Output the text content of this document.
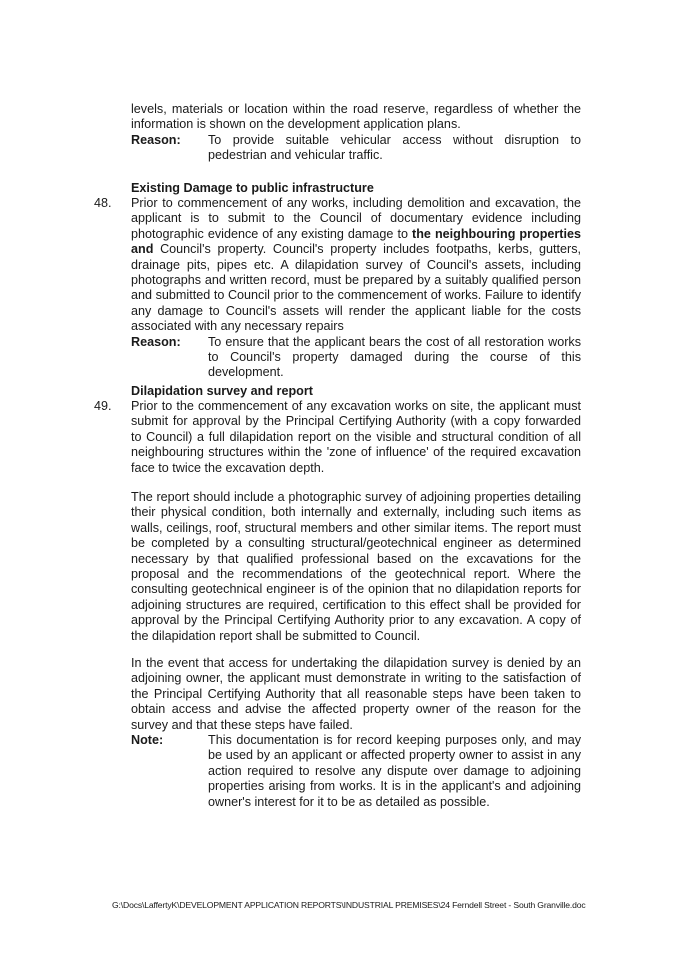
levels, materials or location within the road reserve, regardless of whether the information is shown on the development application plans.

Reason:	To provide suitable vehicular access without disruption to pedestrian and vehicular traffic.
Existing Damage to public infrastructure
48. Prior to commencement of any works, including demolition and excavation, the applicant is to submit to the Council of documentary evidence including photographic evidence of any existing damage to the neighbouring properties and Council's property. Council's property includes footpaths, kerbs, gutters, drainage pits, pipes etc. A dilapidation survey of Council's assets, including photographs and written record, must be prepared by a suitably qualified person and submitted to Council prior to the commencement of works. Failure to identify any damage to Council's assets will render the applicant liable for the costs associated with any necessary repairs

Reason:	To ensure that the applicant bears the cost of all restoration works to Council's property damaged during the course of this development.
Dilapidation survey and report
49. Prior to the commencement of any excavation works on site, the applicant must submit for approval by the Principal Certifying Authority (with a copy forwarded to Council) a full dilapidation report on the visible and structural condition of all neighbouring structures within the 'zone of influence' of the required excavation face to twice the excavation depth.

The report should include a photographic survey of adjoining properties detailing their physical condition, both internally and externally, including such items as walls, ceilings, roof, structural members and other similar items. The report must be completed by a consulting structural/geotechnical engineer as determined necessary by that qualified professional based on the excavations for the proposal and the recommendations of the geotechnical report. Where the consulting geotechnical engineer is of the opinion that no dilapidation reports for adjoining structures are required, certification to this effect shall be provided for approval by the Principal Certifying Authority prior to any excavation. A copy of the dilapidation report shall be submitted to Council.

In the event that access for undertaking the dilapidation survey is denied by an adjoining owner, the applicant must demonstrate in writing to the satisfaction of the Principal Certifying Authority that all reasonable steps have been taken to obtain access and advise the affected property owner of the reason for the survey and that these steps have failed.

Note:	This documentation is for record keeping purposes only, and may be used by an applicant or affected property owner to assist in any action required to resolve any dispute over damage to adjoining properties arising from works. It is in the applicant's and adjoining owner's interest for it to be as detailed as possible.
G:\Docs\LaffertyK\DEVELOPMENT APPLICATION REPORTS\INDUSTRIAL PREMISES\24 Ferndell Street - South Granville.doc
